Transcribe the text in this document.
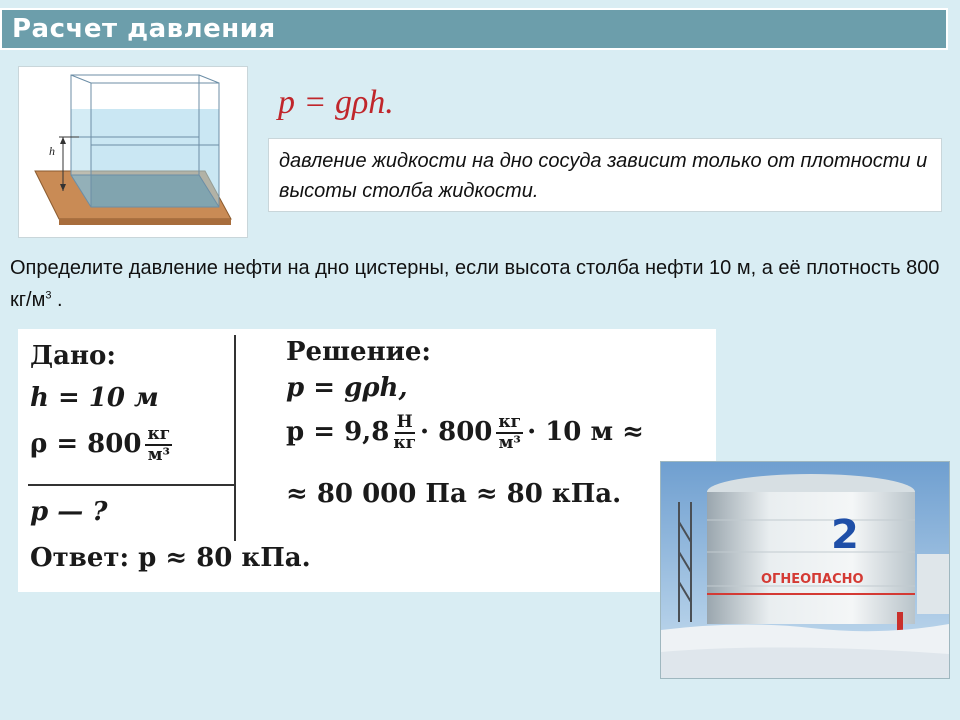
Расчет давления
h
p = gρh.
давление жидкости на дно сосуда зависит только от плотности и высоты столба жидкости.
Определите давление нефти на дно цистерны, если высота столба нефти 10 м, а её плотность 800 $кг/м^3$ .
Дано:
h = 10 м
$\rho = 800 \frac{кг}{\text{м³}}$
p — ?
Ответ: p ≈ 80 кПа.
Решение:
p = gρh,
$p = 9,8 \frac{Н}{кг} \cdot 800 \frac{кг}{\text{м³}} \cdot 10$ м ≈
≈ 80 000 Па ≈ 80 кПа.
2
ОГНЕОПАСНО
